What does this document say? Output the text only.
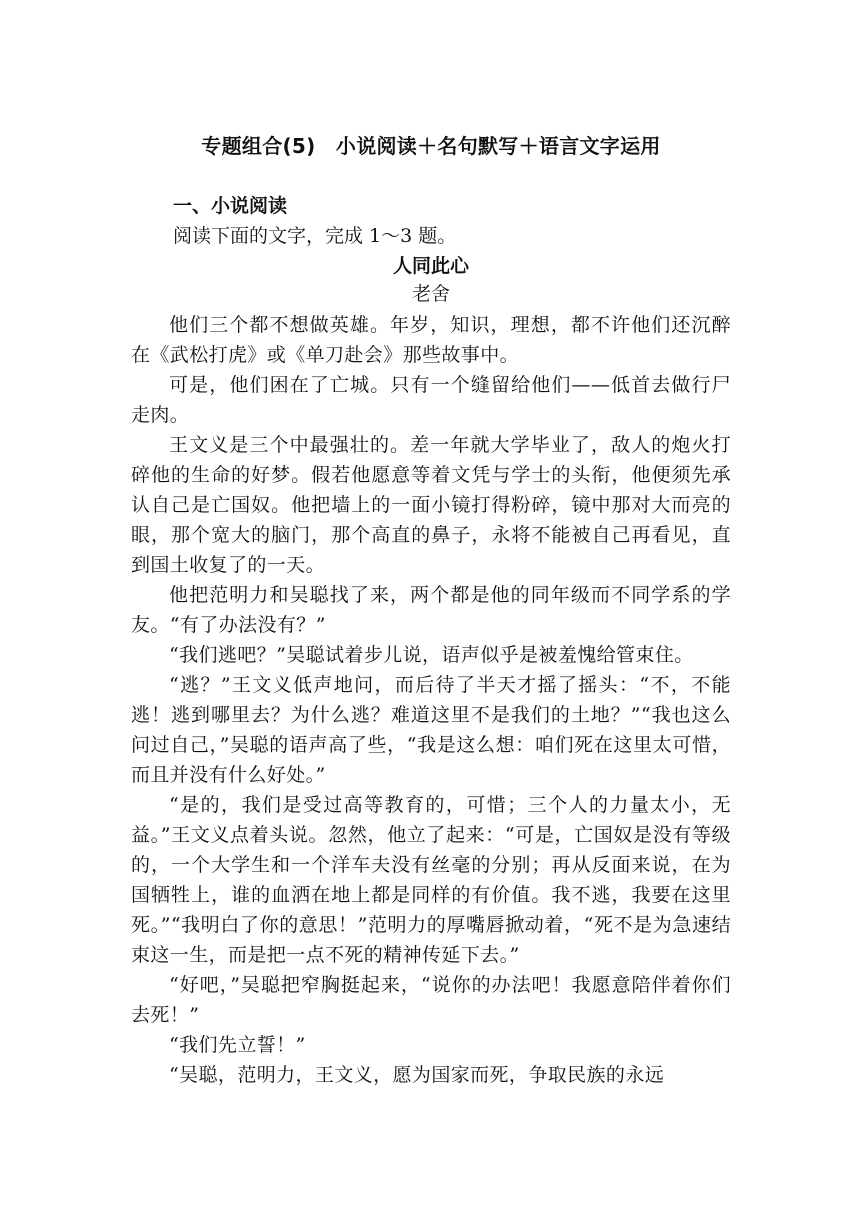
专题组合(5)　小说阅读＋名句默写＋语言文字运用
一、小说阅读
阅读下面的文字，完成 1～3 题。
人同此心
老舍

他们三个都不想做英雄。年岁，知识，理想，都不许他们还沉醉在《武松打虎》或《单刀赴会》那些故事中。

可是，他们困在了亡城。只有一个缝留给他们——低首去做行尸走肉。

王文义是三个中最强壮的。差一年就大学毕业了，敌人的炮火打碎他的生命的好梦。假若他愿意等着文凭与学士的头衔，他便须先承认自己是亡国奴。他把墙上的一面小镜打得粉碎，镜中那对大而亮的眼，那个宽大的脑门，那个高直的鼻子，永将不能被自己再看见，直到国土收复了的一天。

他把范明力和吴聪找了来，两个都是他的同年级而不同学系的学友。“有了办法没有？”

“我们逃吧？”吴聪试着步儿说，语声似乎是被羞愧给管束住。

“逃？”王文义低声地问，而后待了半天才摇了摇头：“不，不能逃！逃到哪里去？为什么逃？难道这里不是我们的土地？”“我也这么问过自己，”吴聪的语声高了些，“我是这么想：咱们死在这里太可惜，而且并没有什么好处。”

“是的，我们是受过高等教育的，可惜；三个人的力量太小，无益。”王文义点着头说。忽然，他立了起来：“可是，亡国奴是没有等级的，一个大学生和一个洋车夫没有丝毫的分别；再从反面来说，在为国牺牲上，谁的血洒在地上都是同样的有价值。我不逃，我要在这里死。”“我明白了你的意思！”范明力的厚嘴唇掀动着，“死不是为急速结束这一生，而是把一点不死的精神传延下去。”

“好吧，”吴聪把窄胸挺起来，“说你的办法吧！我愿意陪伴着你们去死！”

“我们先立誓！”

“吴聪，范明力，王文义，愿为国家而死，争取民族的永远
